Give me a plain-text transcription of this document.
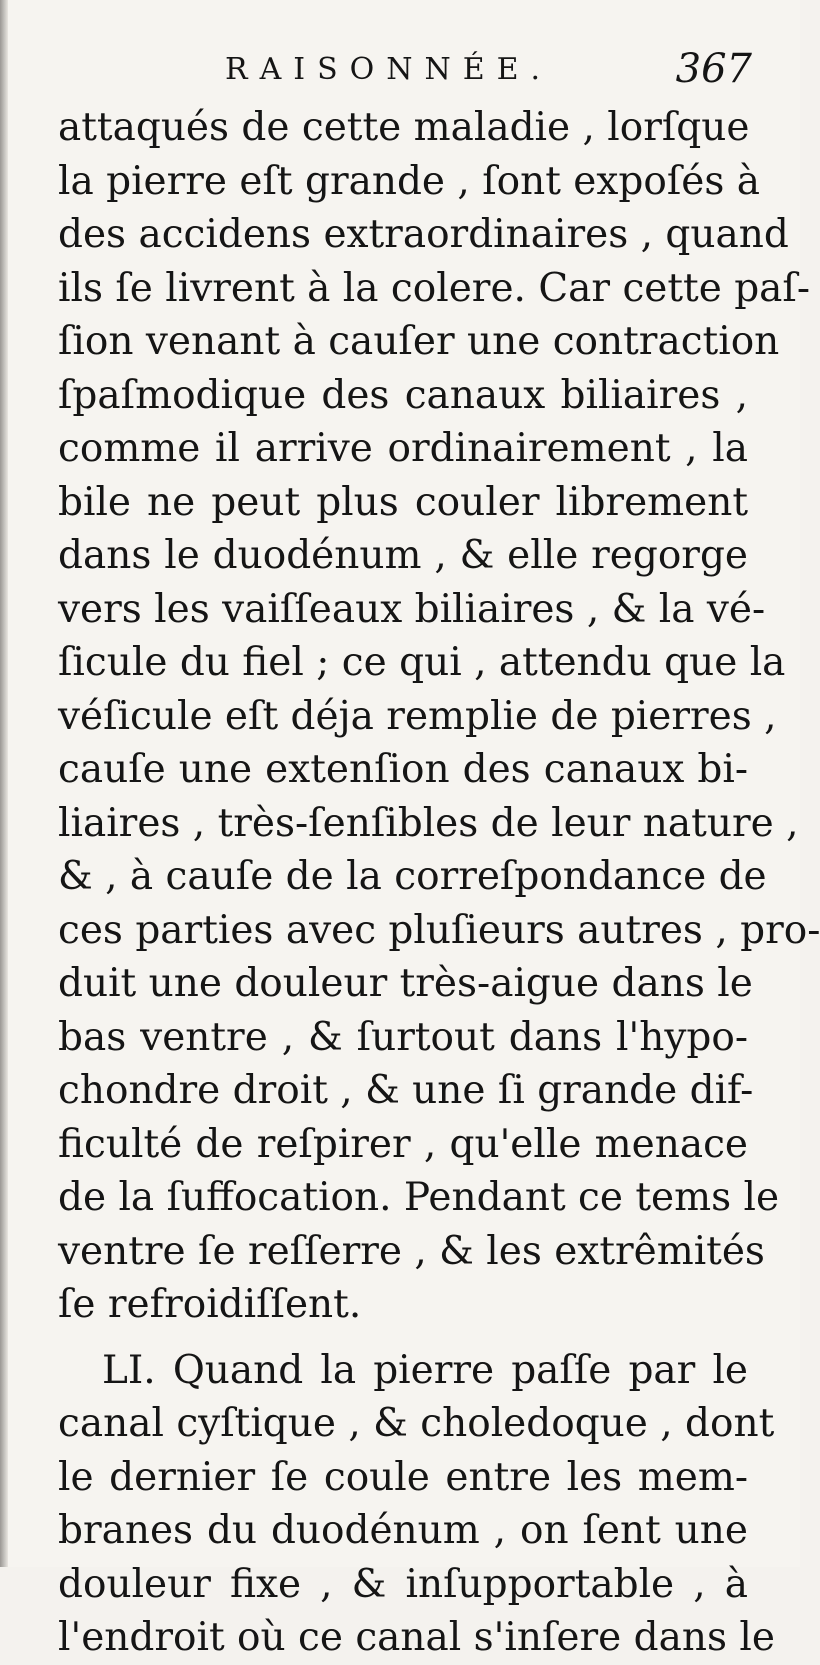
RAISONNÉE.	367
attaqués de cette maladie , lorſque
la pierre eſt grande , ſont expoſés à
des accidens extraordinaires , quand
ils ſe livrent à la colere. Car cette paſ-
ſion venant à cauſer une contraction
ſpaſmodique des canaux biliaires ,
comme il arrive ordinairement , la
bile ne peut plus couler librement
dans le duodénum , & elle regorge
vers les vaiſſeaux biliaires , & la vé-
ſicule du fiel ; ce qui , attendu que la
véſicule eſt déja remplie de pierres ,
cauſe une extenſion des canaux bi-
liaires , très-ſenſibles de leur nature ,
& , à cauſe de la correſpondance de
ces parties avec pluſieurs autres , pro-
duit une douleur très-aigue dans le
bas ventre , & ſurtout dans l'hypo-
chondre droit , & une ſi grande dif-
ficulté de reſpirer , qu'elle menace
de la ſuffocation. Pendant ce tems le
ventre ſe reſſerre , & les extrêmités
ſe refroidiſſent.
LI. Quand la pierre paſſe par le
canal cyſtique , & choledoque , dont
le dernier ſe coule entre les mem-
branes du duodénum , on ſent une
douleur fixe , & inſupportable , à
l'endroit où ce canal s'inſere dans le
